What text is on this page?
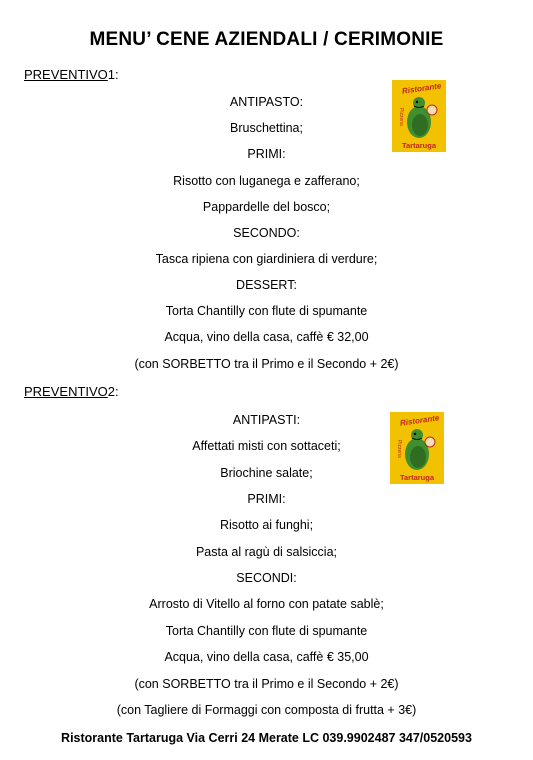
MENU’ CENE AZIENDALI / CERIMONIE
PREVENTIVO1:
ANTIPASTO:
Bruschettina;
PRIMI:
Risotto con luganega e zafferano;
Pappardelle del bosco;
SECONDO:
Tasca ripiena con giardiniera di verdure;
DESSERT:
Torta Chantilly con flute di spumante
Acqua, vino della casa, caffè € 32,00
(con SORBETTO tra il Primo e il Secondo + 2€)
Ristorante
Pizzeria
Tartaruga
PREVENTIVO2:
ANTIPASTI:
Affettati misti con sottaceti;
Briochine salate;
PRIMI:
Risotto ai funghi;
Pasta al ragù di salsiccia;
SECONDI:
Arrosto di Vitello al forno con patate sablè;
Torta Chantilly con flute di spumante
Acqua, vino della casa, caffè € 35,00
(con SORBETTO tra il Primo e il Secondo + 2€)
(con Tagliere di Formaggi con composta di frutta + 3€)
Ristorante
Pizzeria
Tartaruga
Ristorante Tartaruga Via Cerri 24 Merate LC 039.9902487 347/0520593
